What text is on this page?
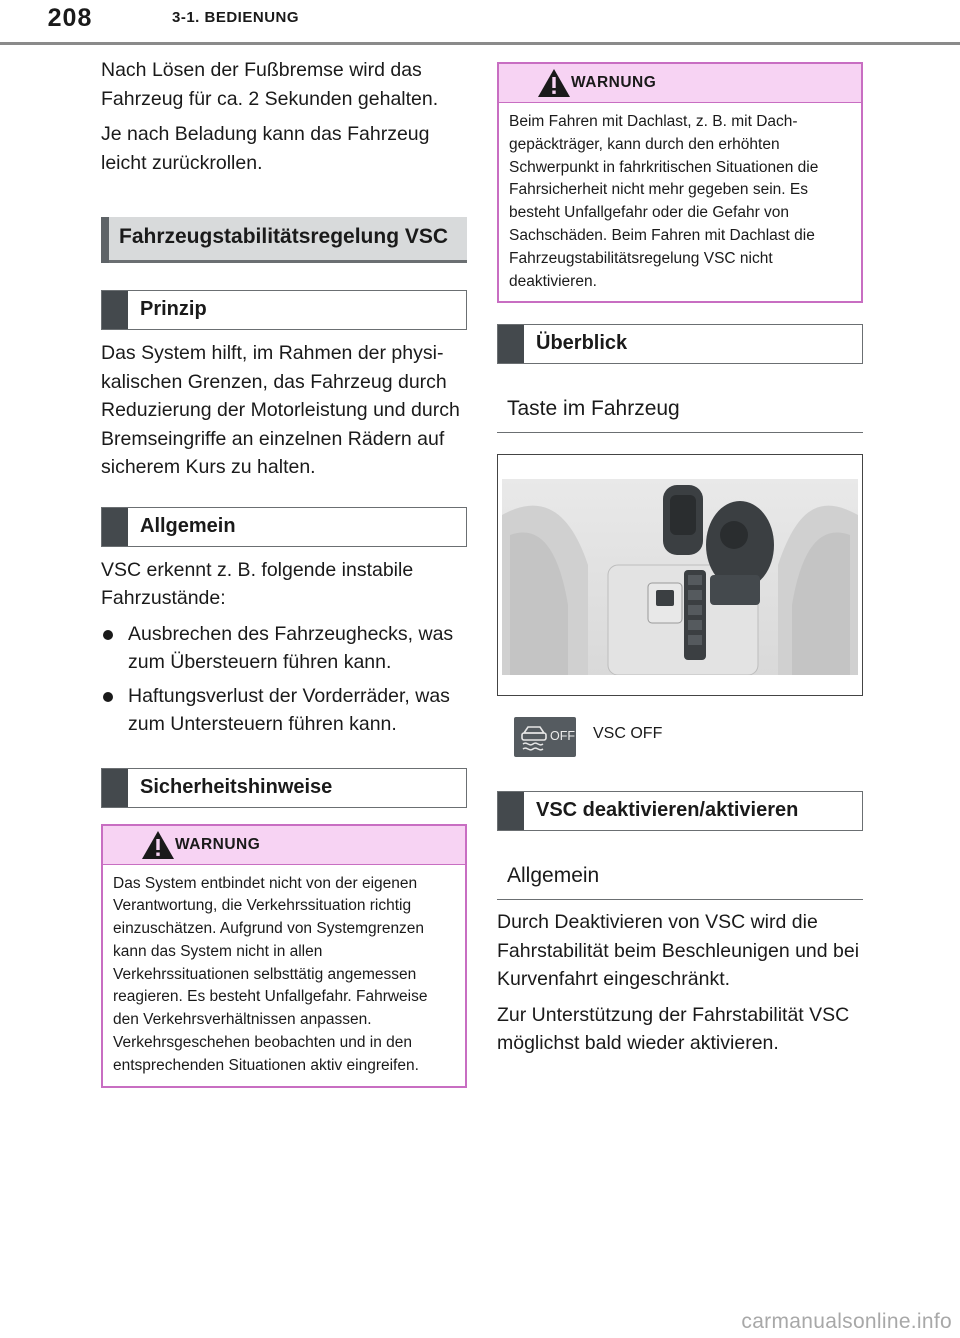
208	3-1. BEDIENUNG

Nach Lösen der Fußbremse wird das Fahrzeug für ca. 2 Sekunden gehalten.

Je nach Beladung kann das Fahrzeug leicht zurückrollen.

Fahrzeugstabilitätsregelung VSC
Prinzip

Das System hilft, im Rahmen der physikalischen Grenzen, das Fahrzeug durch Reduzierung der Motorleistung und durch Bremseingriffe an einzelnen Rädern auf sicherem Kurs zu halten.

Allgemein

VSC erkennt z. B. folgende instabile Fahrzustände:

Ausbrechen des Fahrzeughecks, was zum Übersteuern führen kann.
Haftungsverlust der Vorderräder, was zum Untersteuern führen kann.
Sicherheitshinweise
WARNUNG
Das System entbindet nicht von der eigenen Verantwortung, die Verkehrssituation richtig einzuschätzen. Aufgrund von Systemgrenzen kann das System nicht in allen Verkehrssituationen selbsttätig angemessen reagieren. Es besteht Unfallgefahr. Fahrweise den Verkehrsverhältnissen anpassen. Verkehrsgeschehen beobachten und in den entsprechenden Situationen aktiv eingreifen.
WARNUNG
Beim Fahren mit Dachlast, z. B. mit Dachgepäckträger, kann durch den erhöhten Schwerpunkt in fahrkritischen Situationen die Fahrsicherheit nicht mehr gegeben sein. Es besteht Unfallgefahr oder die Gefahr von Sachschäden. Beim Fahren mit Dachlast die Fahrzeugstabilitätsregelung VSC nicht deaktivieren.
Überblick
Taste im Fahrzeug
OFF VSC OFF
VSC deaktivieren/aktivieren
Allgemein

Durch Deaktivieren von VSC wird die Fahrstabilität beim Beschleunigen und bei Kurvenfahrt eingeschränkt.

Zur Unterstützung der Fahrstabilität VSC möglichst bald wieder aktivieren.

carmanualsonline.info
